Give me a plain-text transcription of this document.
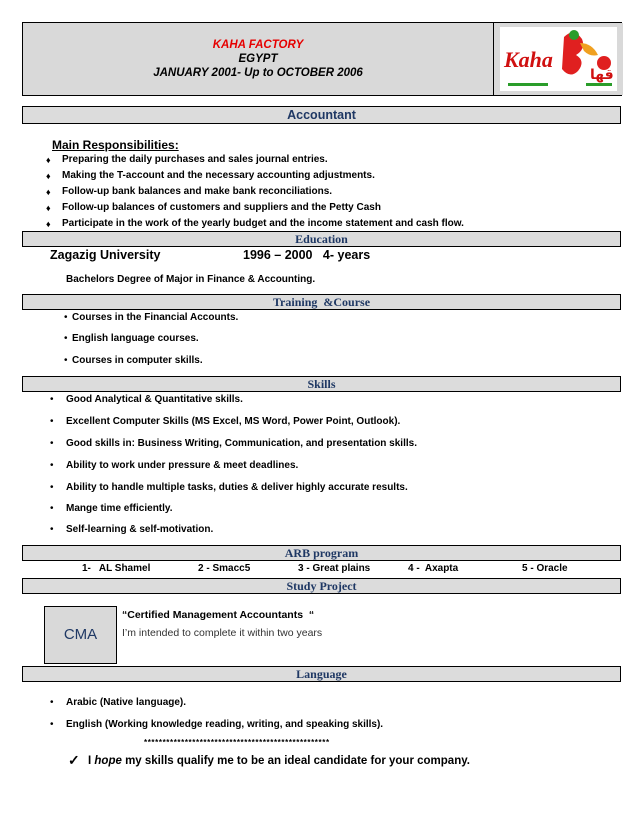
KAHA FACTORY
EGYPT
JANUARY 2001- Up to OCTOBER 2006
Kaha
قها
Accountant
Main Responsibilities:
♦ Preparing the daily purchases and sales journal entries.
♦ Making the T-account and the necessary accounting adjustments.
♦ Follow-up bank balances and make bank reconciliations.
♦ Follow-up balances of customers and suppliers and the Petty Cash
♦ Participate in the work of the yearly budget and the income statement and cash flow.
Education
Zagazig University	1996 – 2000   4- years
Bachelors Degree of Major in Finance & Accounting.
Training  &Course
• Courses in the Financial Accounts.
• English language courses.
• Courses in computer skills.
Skills
• Good Analytical & Quantitative skills.
• Excellent Computer Skills (MS Excel, MS Word, Power Point, Outlook).
• Good skills in: Business Writing, Communication, and presentation skills.
• Ability to work under pressure & meet deadlines.
• Ability to handle multiple tasks, duties & deliver highly accurate results.
• Mange time efficiently.
• Self-learning & self-motivation.
ARB program
1-   AL Shamel	2 - Smacc5	3 - Great plains	4 -  Axapta	5 - Oracle
Study Project
CMA
“Certified Management Accountants  “
I’m intended to complete it within two years
Language
• Arabic (Native language).
• English (Working knowledge reading, writing, and speaking skills).
**************************************************
✓ I hope my skills qualify me to be an ideal candidate for your company.
